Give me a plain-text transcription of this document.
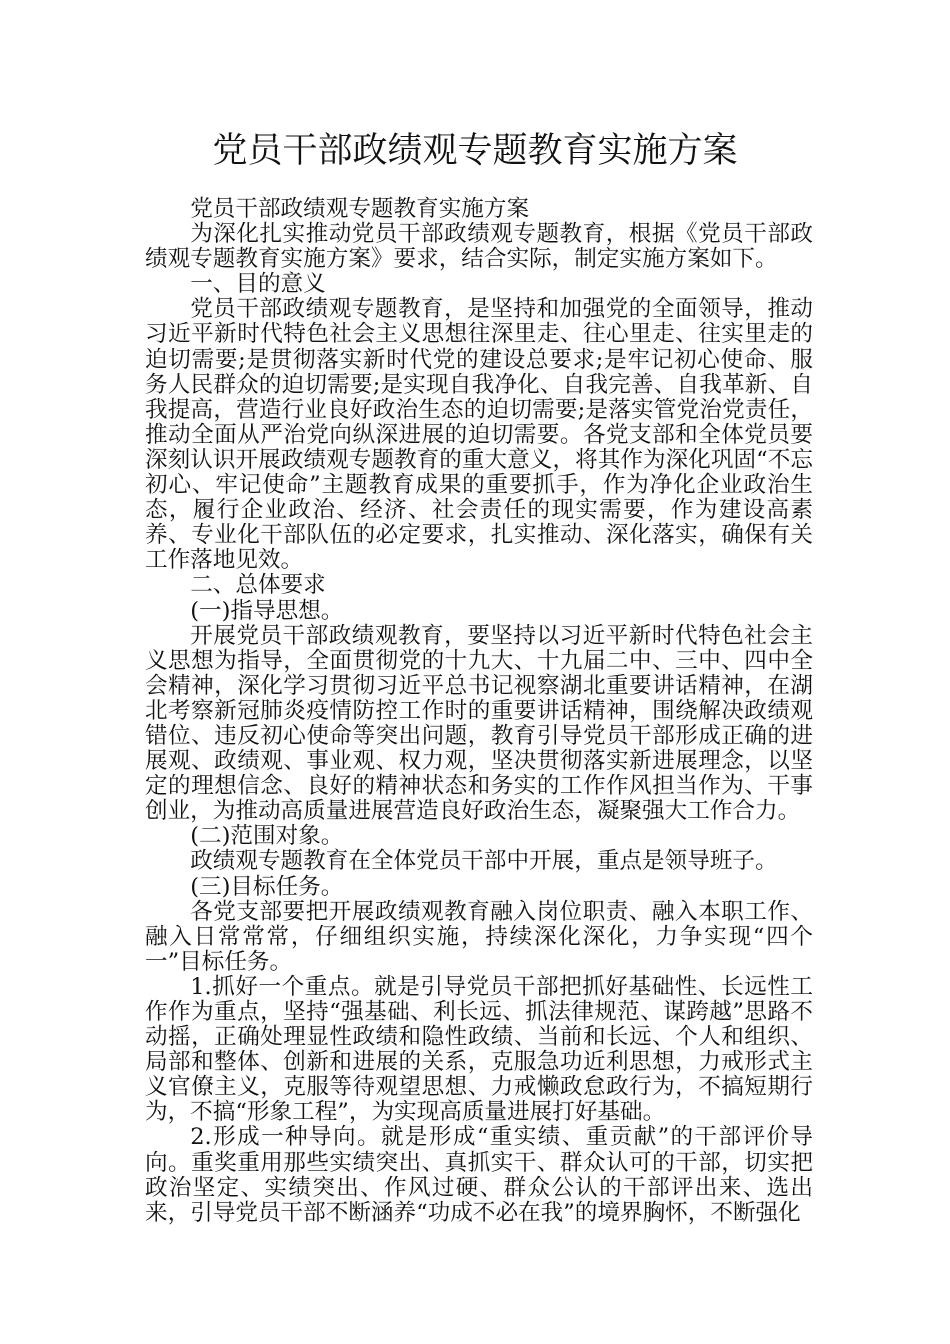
党员干部政绩观专题教育实施方案

党员干部政绩观专题教育实施方案

为深化扎实推动党员干部政绩观专题教育，根据《党员干部政绩观专题教育实施方案》要求，结合实际，制定实施方案如下。

一、目的意义

党员干部政绩观专题教育，是坚持和加强党的全面领导，推动习近平新时代特色社会主义思想往深里走、往心里走、往实里走的迫切需要;是贯彻落实新时代党的建设总要求;是牢记初心使命、服务人民群众的迫切需要;是实现自我净化、自我完善、自我革新、自我提高，营造行业良好政治生态的迫切需要;是落实管党治党责任，推动全面从严治党向纵深进展的迫切需要。各党支部和全体党员要深刻认识开展政绩观专题教育的重大意义，将其作为深化巩固“不忘初心、牢记使命”主题教育成果的重要抓手，作为净化企业政治生态，履行企业政治、经济、社会责任的现实需要，作为建设高素养、专业化干部队伍的必定要求，扎实推动、深化落实，确保有关工作落地见效。

二、总体要求

(一)指导思想。

开展党员干部政绩观教育，要坚持以习近平新时代特色社会主义思想为指导，全面贯彻党的十九大、十九届二中、三中、四中全会精神，深化学习贯彻习近平总书记视察湖北重要讲话精神，在湖北考察新冠肺炎疫情防控工作时的重要讲话精神，围绕解决政绩观错位、违反初心使命等突出问题，教育引导党员干部形成正确的进展观、政绩观、事业观、权力观，坚决贯彻落实新进展理念，以坚定的理想信念、良好的精神状态和务实的工作作风担当作为、干事创业，为推动高质量进展营造良好政治生态，凝聚强大工作合力。

(二)范围对象。

政绩观专题教育在全体党员干部中开展，重点是领导班子。

(三)目标任务。

各党支部要把开展政绩观教育融入岗位职责、融入本职工作、融入日常常常，仔细组织实施，持续深化深化，力争实现“四个一”目标任务。

1.抓好一个重点。就是引导党员干部把抓好基础性、长远性工作作为重点，坚持“强基础、利长远、抓法律规范、谋跨越”思路不动摇，正确处理显性政绩和隐性政绩、当前和长远、个人和组织、局部和整体、创新和进展的关系，克服急功近利思想，力戒形式主义官僚主义，克服等待观望思想、力戒懒政怠政行为，不搞短期行为，不搞“形象工程”，为实现高质量进展打好基础。

2.形成一种导向。就是形成“重实绩、重贡献”的干部评价导向。重奖重用那些实绩突出、真抓实干、群众认可的干部，切实把政治坚定、实绩突出、作风过硬、群众公认的干部评出来、选出来，引导党员干部不断涵养“功成不必在我”的境界胸怀，不断强化
